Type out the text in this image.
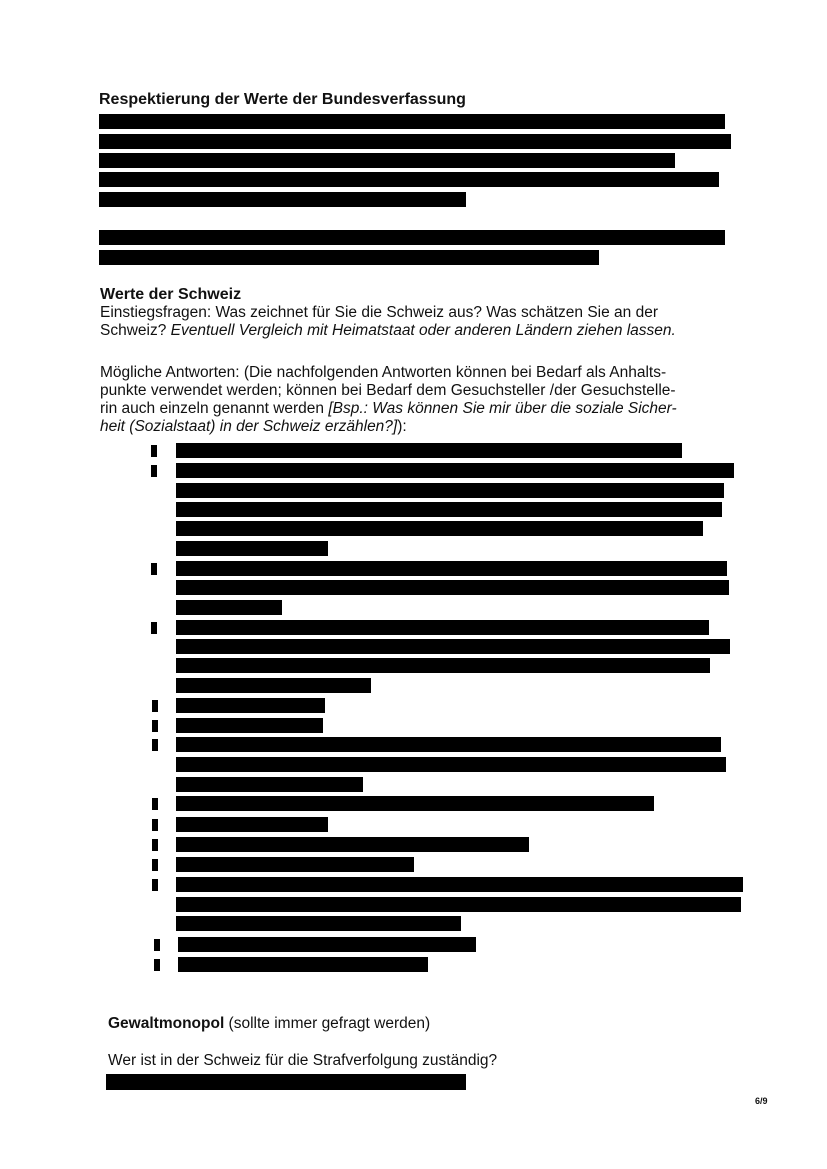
Respektierung der Werte der Bundesverfassung
Werte der Schweiz
Einstiegsfragen: Was zeichnet für Sie die Schweiz aus? Was schätzen Sie an der
Schweiz? Eventuell Vergleich mit Heimatstaat oder anderen Ländern ziehen lassen.
Mögliche Antworten: (Die nachfolgenden Antworten können bei Bedarf als Anhalts-
punkte verwendet werden; können bei Bedarf dem Gesuchsteller /der Gesuchstelle-
rin auch einzeln genannt werden [Bsp.: Was können Sie mir über die soziale Sicher-
heit (Sozialstaat) in der Schweiz erzählen?]):
Gewaltmonopol (sollte immer gefragt werden)
Wer ist in der Schweiz für die Strafverfolgung zuständig?
6/9
